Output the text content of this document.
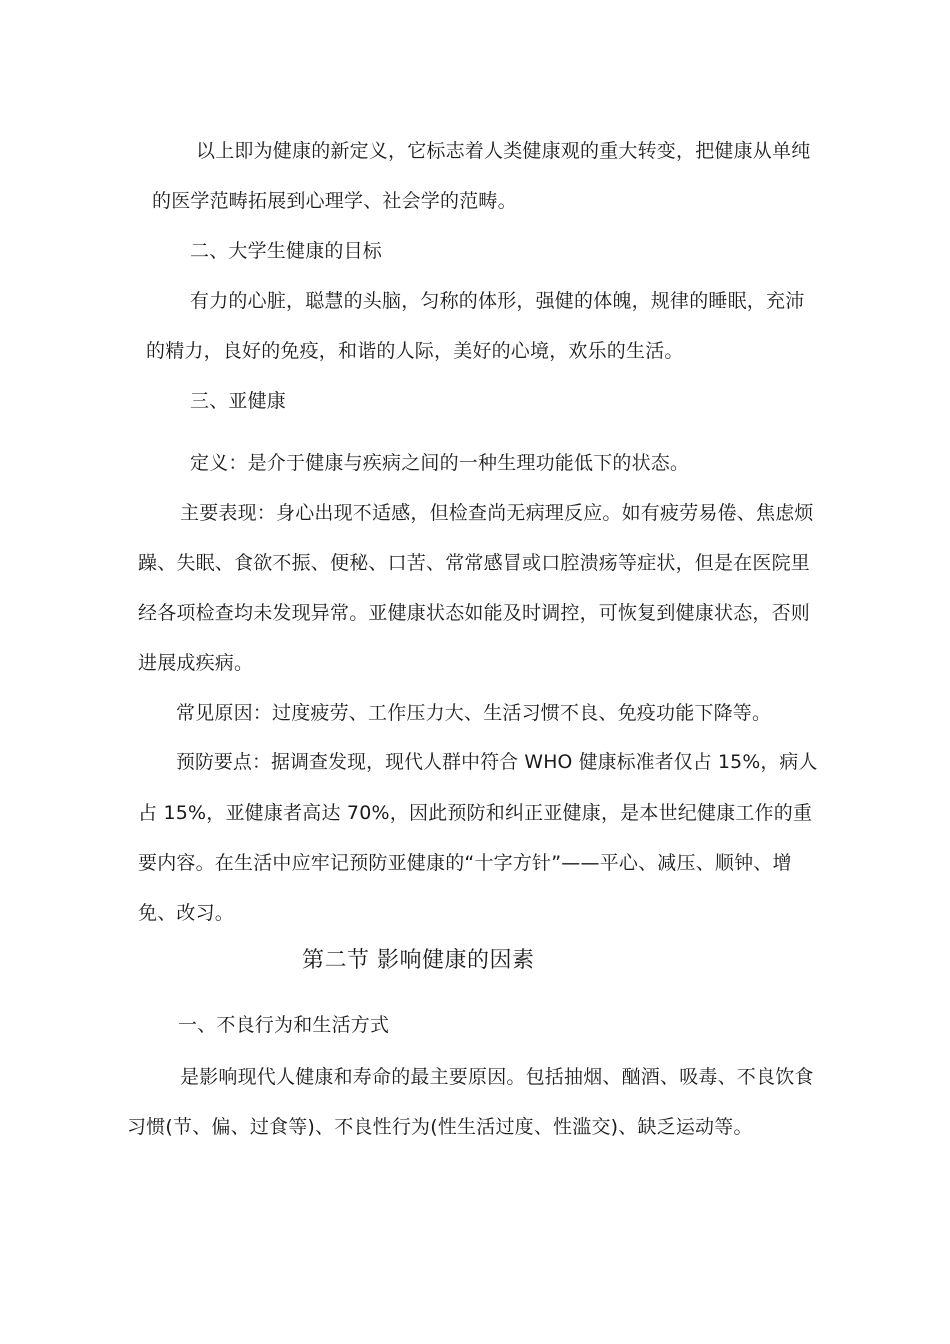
以上即为健康的新定义，它标志着人类健康观的重大转变，把健康从单纯
的医学范畴拓展到心理学、社会学的范畴。
二、大学生健康的目标
有力的心脏，聪慧的头脑，匀称的体形，强健的体魄，规律的睡眠，充沛
的精力，良好的免疫，和谐的人际，美好的心境，欢乐的生活。
三、亚健康
定义：是介于健康与疾病之间的一种生理功能低下的状态。
主要表现：身心出现不适感，但检查尚无病理反应。如有疲劳易倦、焦虑烦
躁、失眠、食欲不振、便秘、口苦、常常感冒或口腔溃疡等症状，但是在医院里
经各项检查均未发现异常。亚健康状态如能及时调控，可恢复到健康状态，否则
进展成疾病。
常见原因：过度疲劳、工作压力大、生活习惯不良、免疫功能下降等。
预防要点：据调查发现，现代人群中符合 WHO 健康标准者仅占 15%，病人
占 15%，亚健康者高达 70%，因此预防和纠正亚健康，是本世纪健康工作的重
要内容。在生活中应牢记预防亚健康的“十字方针”——平心、减压、顺钟、增
免、改习。
第二节 影响健康的因素
一、不良行为和生活方式
是影响现代人健康和寿命的最主要原因。包括抽烟、酗酒、吸毒、不良饮食
习惯(节、偏、过食等)、不良性行为(性生活过度、性滥交)、缺乏运动等。
